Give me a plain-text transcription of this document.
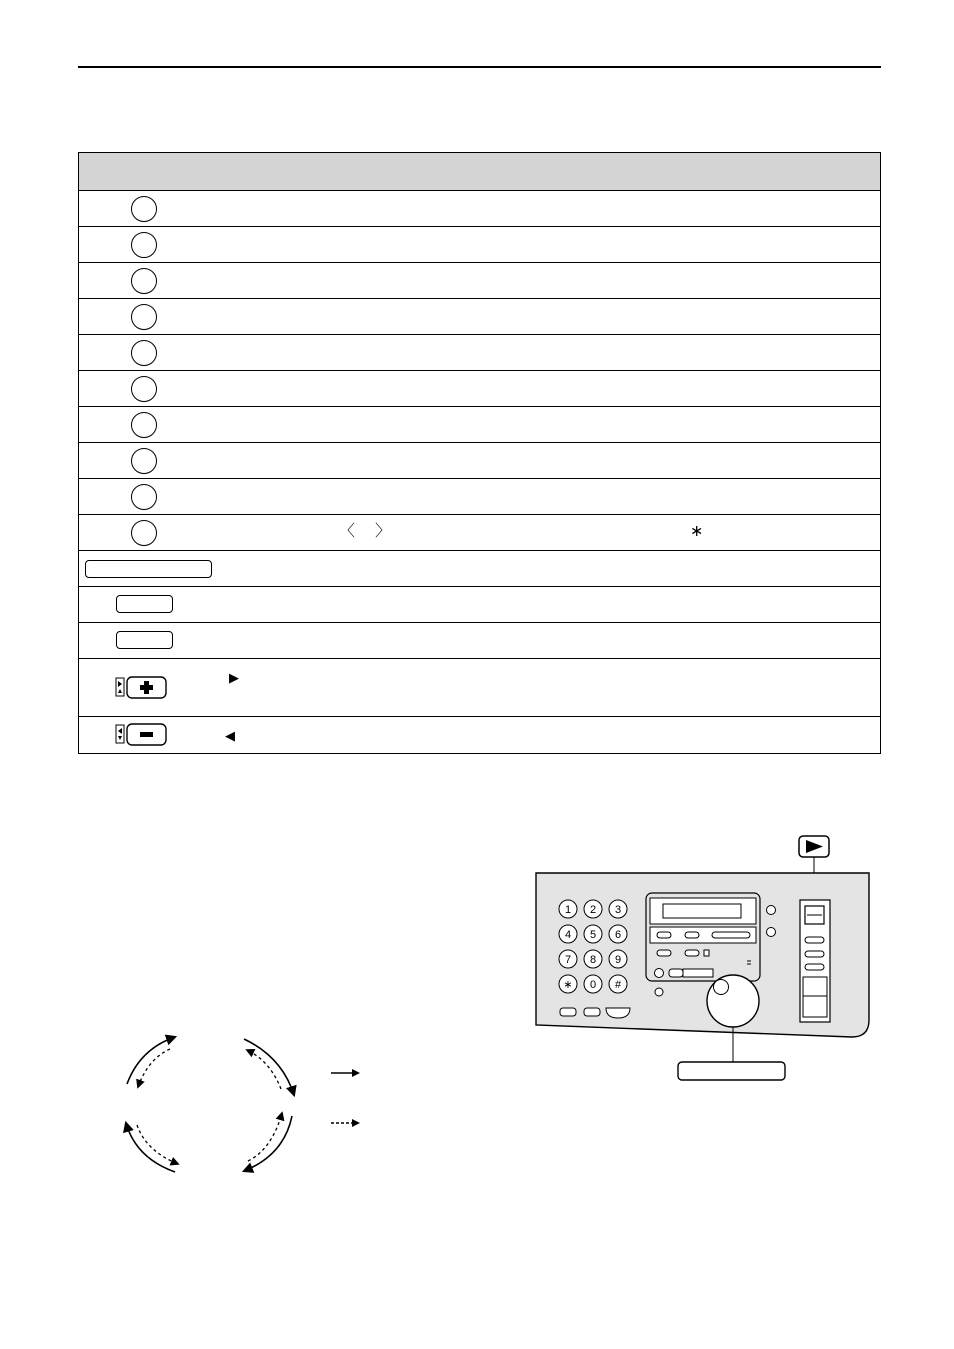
〈 〉	∗
▶
◀
1 2 3
4 5 6
7 8 9
∗ 0 #
